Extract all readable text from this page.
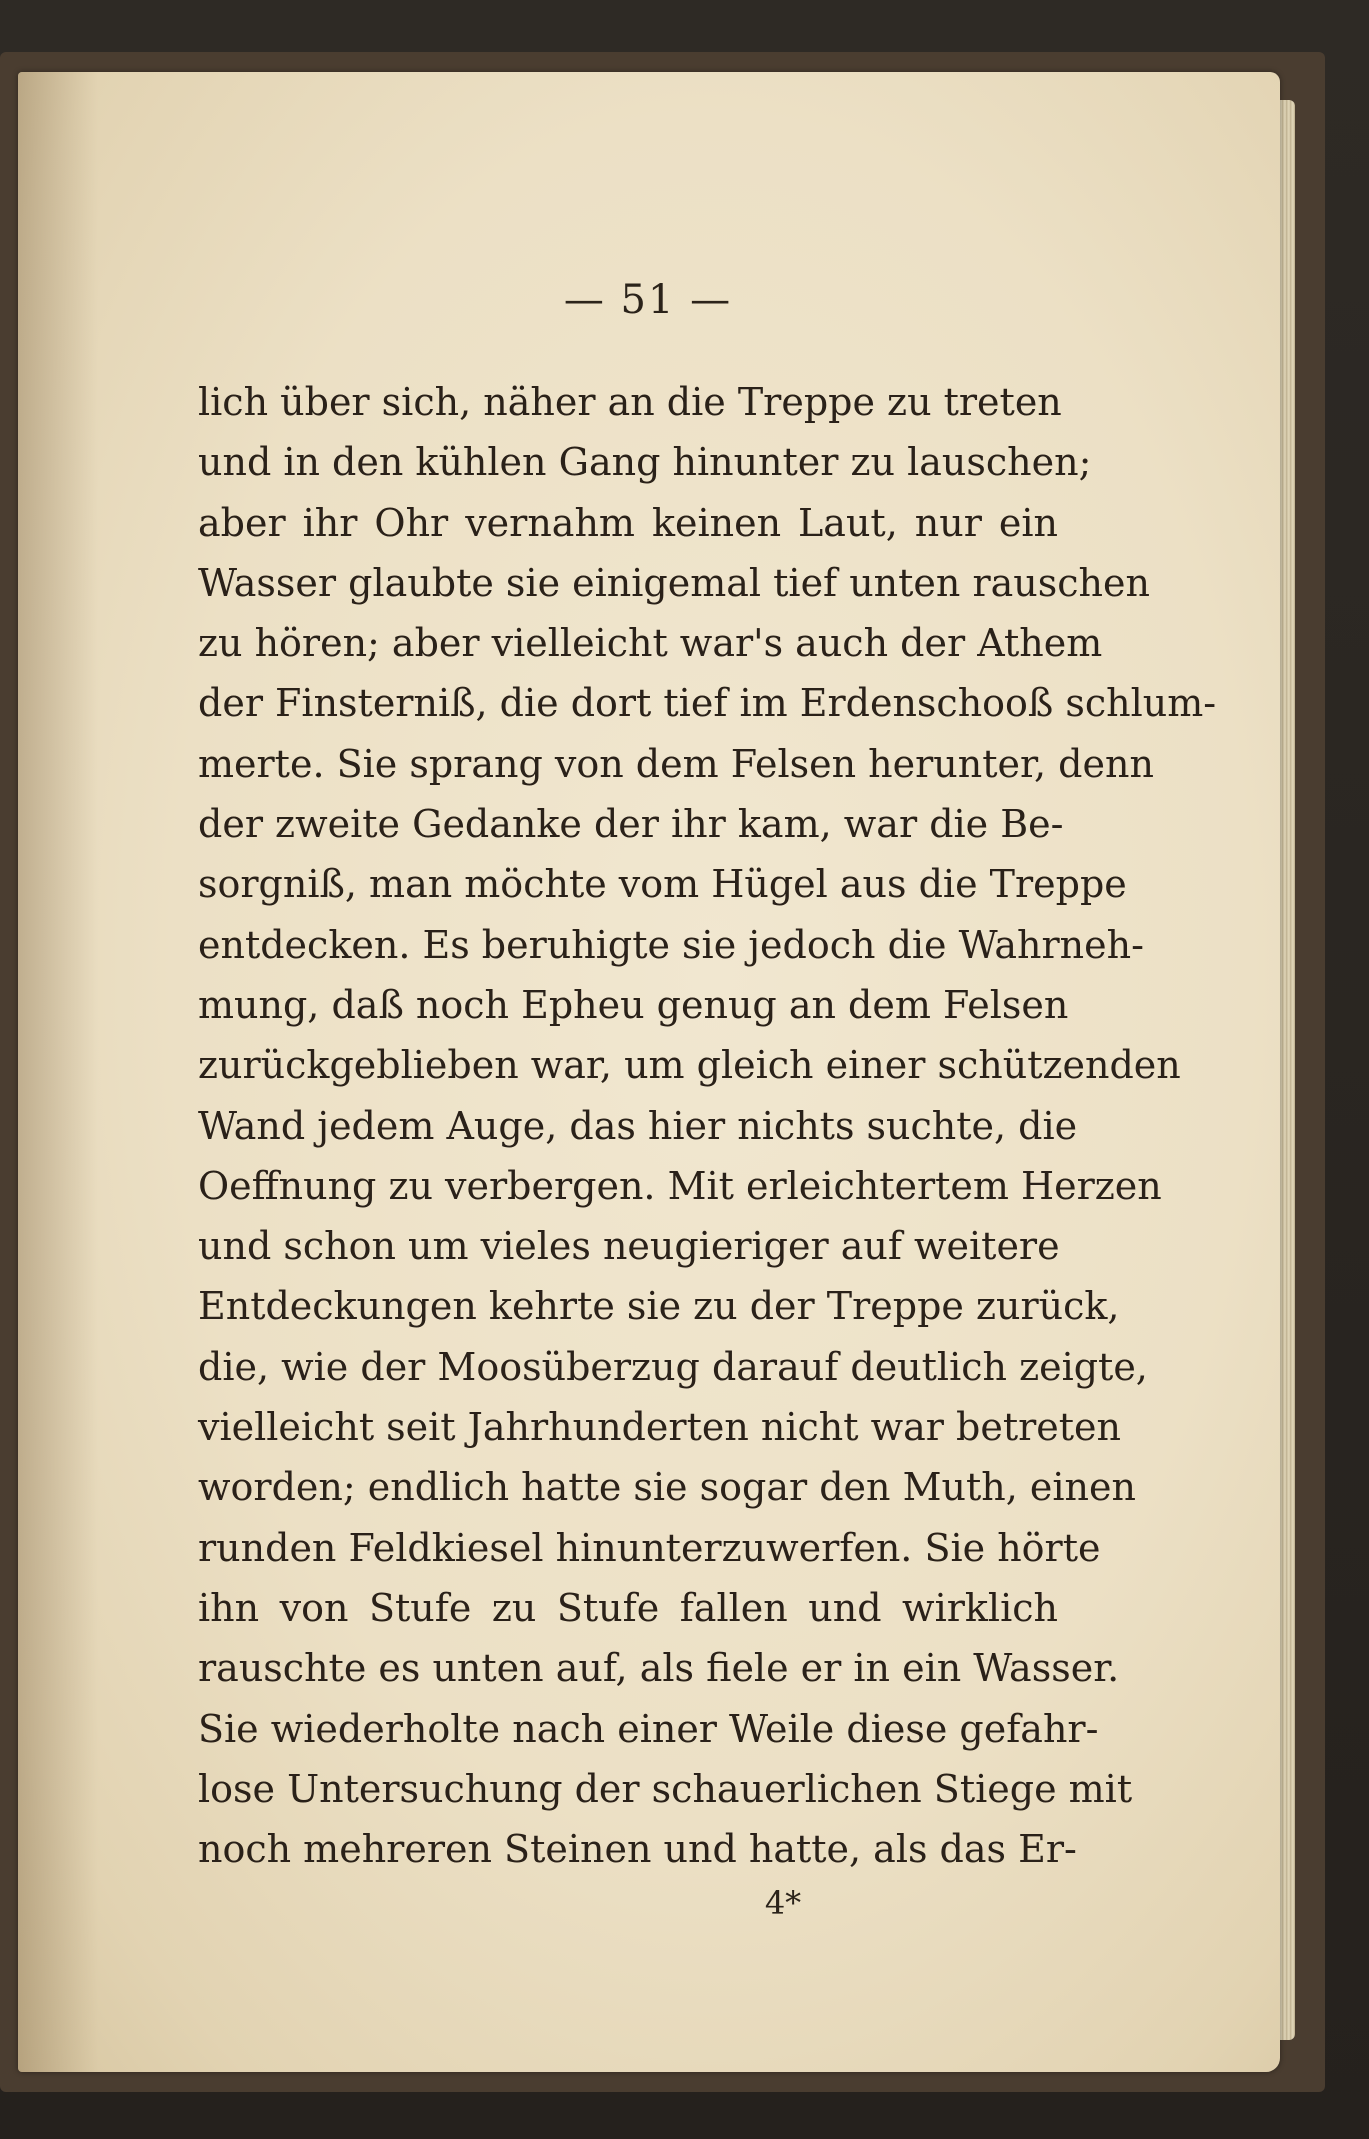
— 51 —
lich über sich, näher an die Treppe zu treten
und in den kühlen Gang hinunter zu lauschen;
aber ihr Ohr vernahm keinen Laut, nur ein
Wasser glaubte sie einigemal tief unten rauschen
zu hören; aber vielleicht war's auch der Athem
der Finsterniß, die dort tief im Erdenschooß schlum-
merte. Sie sprang von dem Felsen herunter, denn
der zweite Gedanke der ihr kam, war die Be-
sorgniß, man möchte vom Hügel aus die Treppe
entdecken. Es beruhigte sie jedoch die Wahrneh-
mung, daß noch Epheu genug an dem Felsen
zurückgeblieben war, um gleich einer schützenden
Wand jedem Auge, das hier nichts suchte, die
Oeffnung zu verbergen. Mit erleichtertem Herzen
und schon um vieles neugieriger auf weitere
Entdeckungen kehrte sie zu der Treppe zurück,
die, wie der Moosüberzug darauf deutlich zeigte,
vielleicht seit Jahrhunderten nicht war betreten
worden; endlich hatte sie sogar den Muth, einen
runden Feldkiesel hinunterzuwerfen. Sie hörte
ihn von Stufe zu Stufe fallen und wirklich
rauschte es unten auf, als fiele er in ein Wasser.
Sie wiederholte nach einer Weile diese gefahr-
lose Untersuchung der schauerlichen Stiege mit
noch mehreren Steinen und hatte, als das Er-
4*
